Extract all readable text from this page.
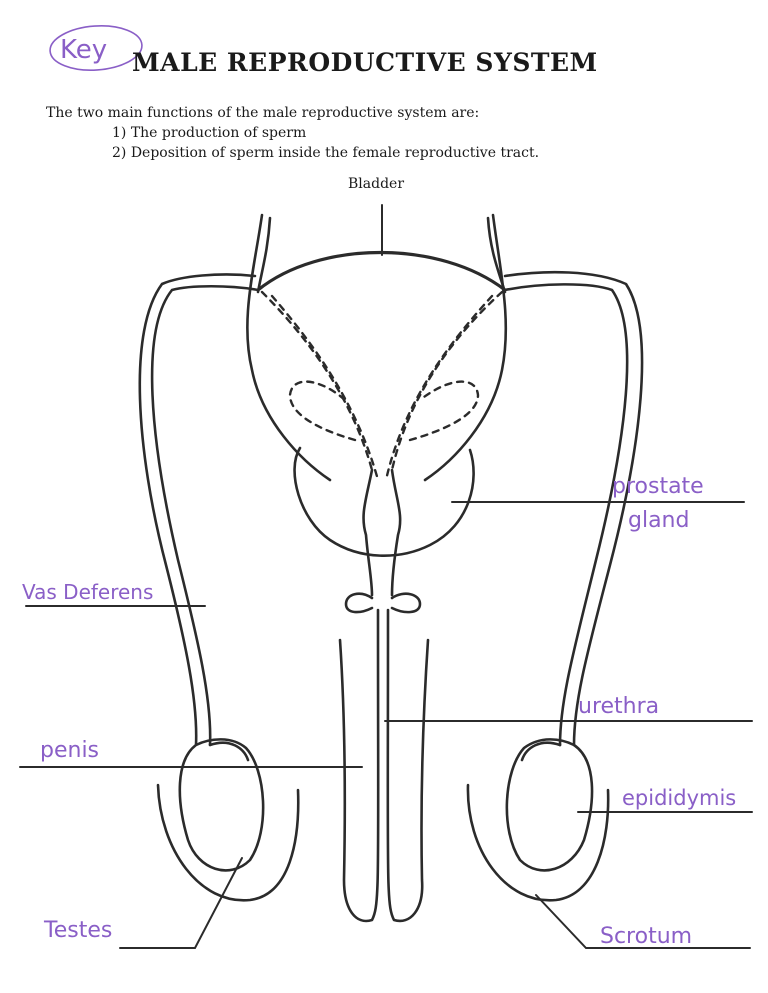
Key MALE REPRODUCTIVE SYSTEM
The two main functions of the male reproductive system are:
1) The production of sperm
2) Deposition of sperm inside the female reproductive tract.
Bladder
prostate
gland
Vas Deferens
urethra
penis
epididymis
Testes	Scrotum
